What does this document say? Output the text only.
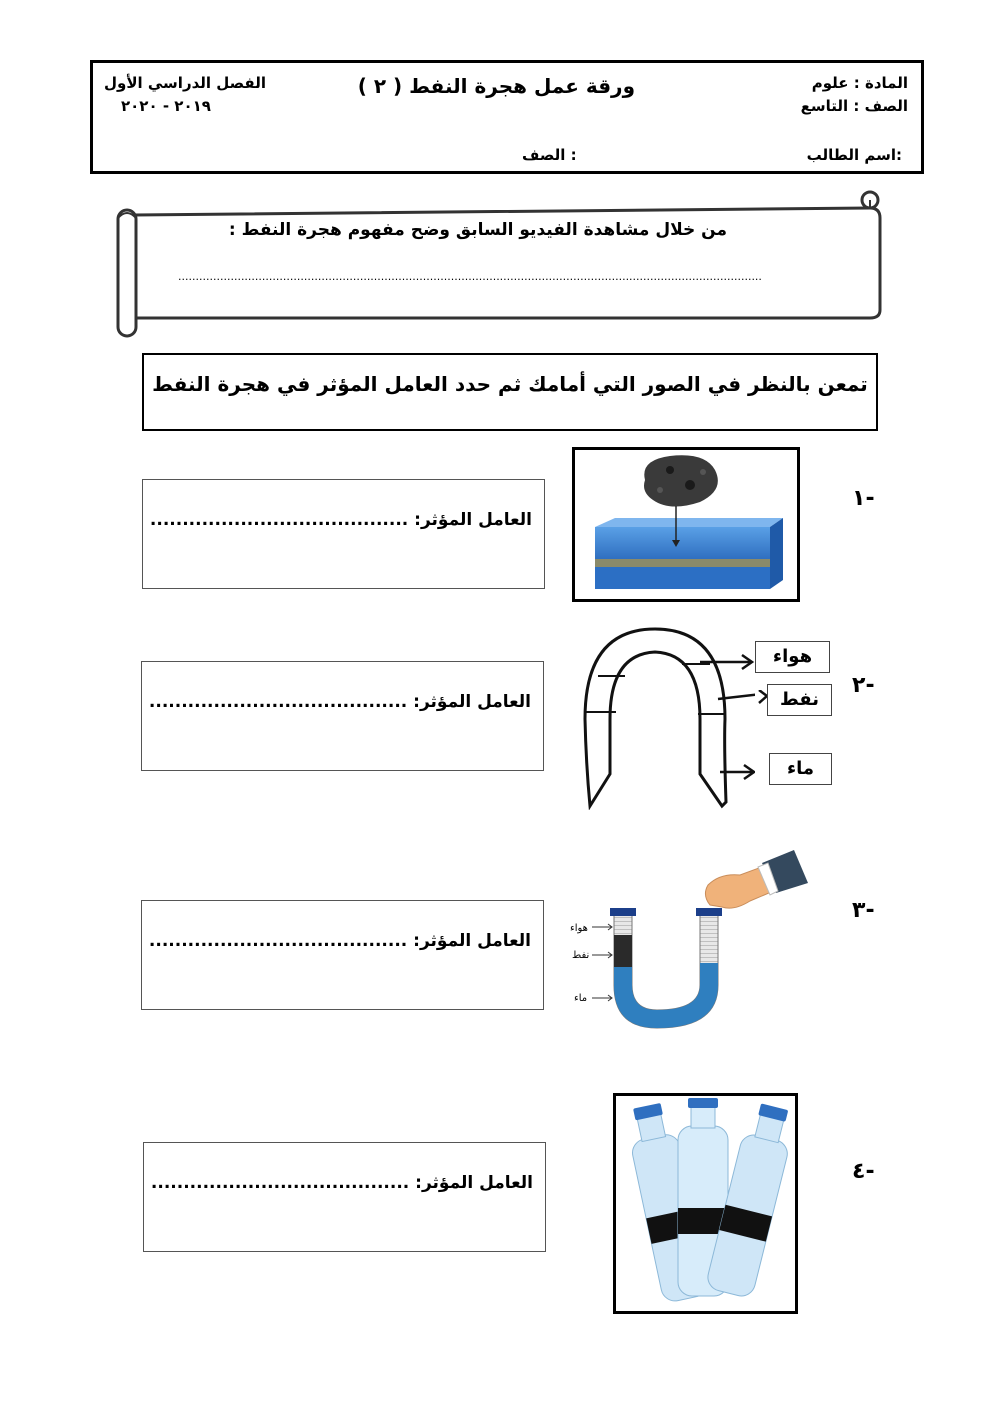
المادة : علوم
الصف : التاسع
ورقة عمل هجرة النفط ( ٢ )
الفصل الدراسي الأول
٢٠١٩ - ٢٠٢٠
اسم الطالب:
الصف :
من خلال مشاهدة الفيديو السابق وضح مفهوم هجرة النفط :
.......................................................................................................................................................................
تمعن بالنظر في الصور التي أمامك ثم حدد العامل المؤثر في هجرة النفط
١-
العامل المؤثر: ........................................
٢-
العامل المؤثر: ........................................
هواء
نفط
ماء
٣-
العامل المؤثر: ........................................
هواء
نفط
ماء
٤-
العامل المؤثر: ........................................
